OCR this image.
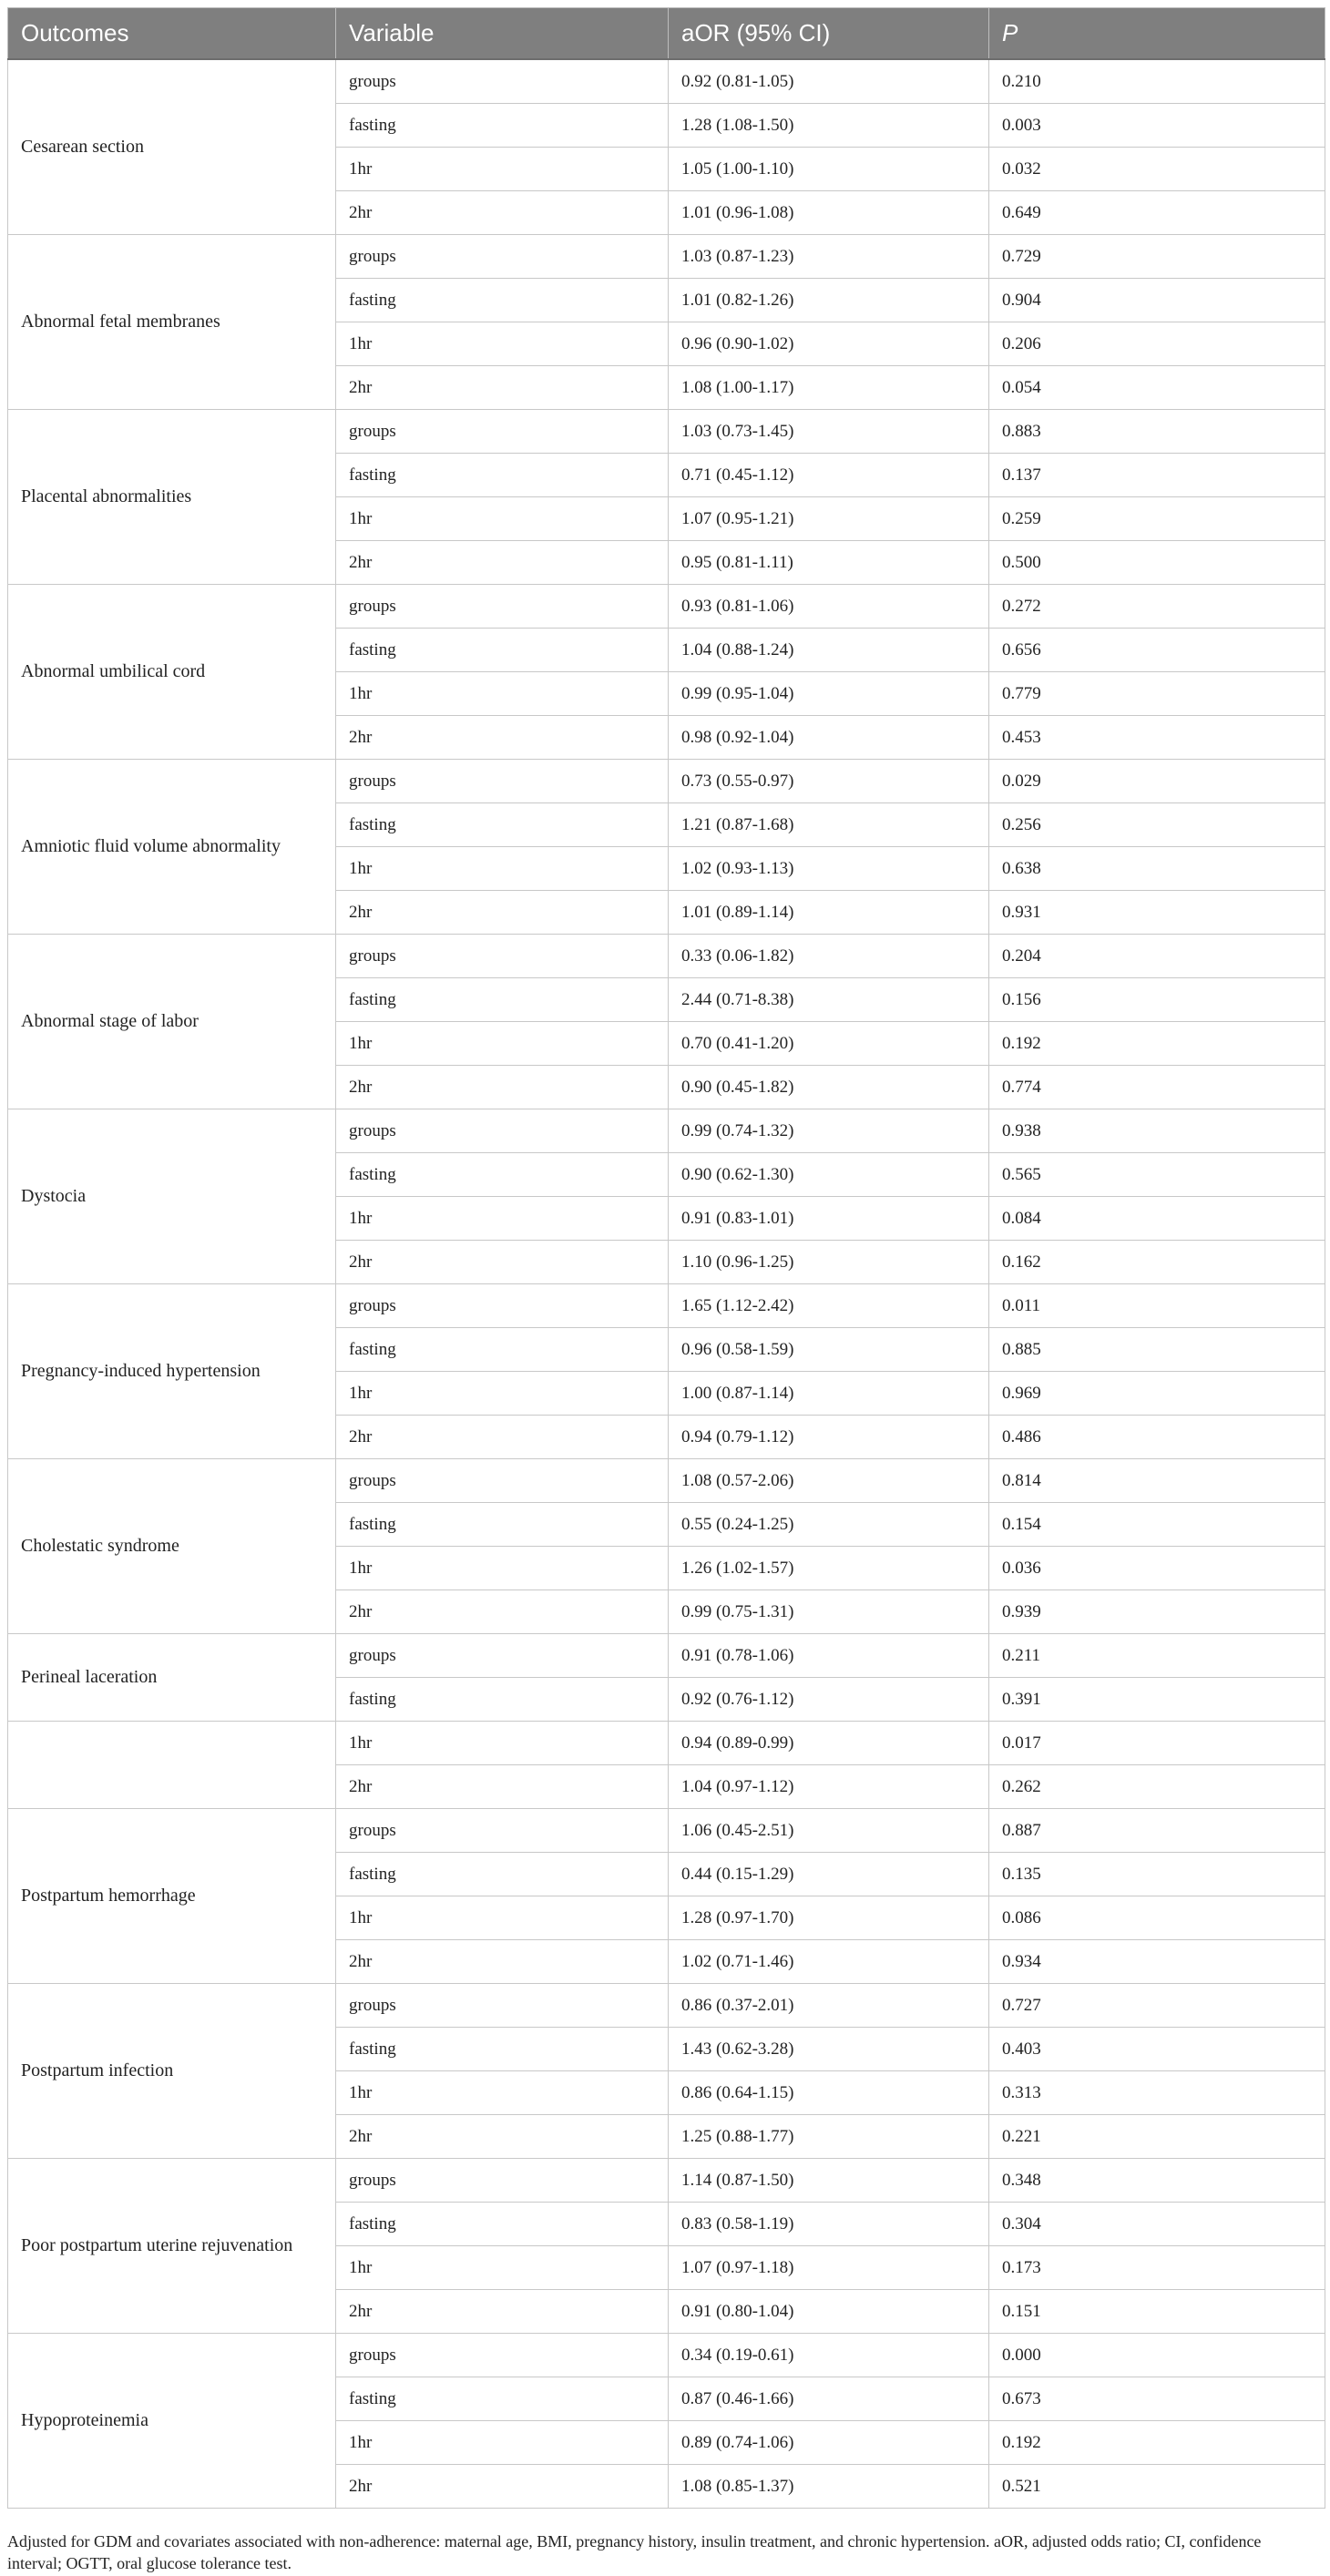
Outcomes	Variable	aOR (95% CI)	P
Cesarean section	groups	0.92 (0.81-1.05)	0.210
	fasting	1.28 (1.08-1.50)	0.003
	1hr	1.05 (1.00-1.10)	0.032
	2hr	1.01 (0.96-1.08)	0.649
Abnormal fetal membranes	groups	1.03 (0.87-1.23)	0.729
	fasting	1.01 (0.82-1.26)	0.904
	1hr	0.96 (0.90-1.02)	0.206
	2hr	1.08 (1.00-1.17)	0.054
Placental abnormalities	groups	1.03 (0.73-1.45)	0.883
	fasting	0.71 (0.45-1.12)	0.137
	1hr	1.07 (0.95-1.21)	0.259
	2hr	0.95 (0.81-1.11)	0.500
Abnormal umbilical cord	groups	0.93 (0.81-1.06)	0.272
	fasting	1.04 (0.88-1.24)	0.656
	1hr	0.99 (0.95-1.04)	0.779
	2hr	0.98 (0.92-1.04)	0.453
Amniotic fluid volume abnormality	groups	0.73 (0.55-0.97)	0.029
	fasting	1.21 (0.87-1.68)	0.256
	1hr	1.02 (0.93-1.13)	0.638
	2hr	1.01 (0.89-1.14)	0.931
Abnormal stage of labor	groups	0.33 (0.06-1.82)	0.204
	fasting	2.44 (0.71-8.38)	0.156
	1hr	0.70 (0.41-1.20)	0.192
	2hr	0.90 (0.45-1.82)	0.774
Dystocia	groups	0.99 (0.74-1.32)	0.938
	fasting	0.90 (0.62-1.30)	0.565
	1hr	0.91 (0.83-1.01)	0.084
	2hr	1.10 (0.96-1.25)	0.162
Pregnancy-induced hypertension	groups	1.65 (1.12-2.42)	0.011
	fasting	0.96 (0.58-1.59)	0.885
	1hr	1.00 (0.87-1.14)	0.969
	2hr	0.94 (0.79-1.12)	0.486
Cholestatic syndrome	groups	1.08 (0.57-2.06)	0.814
	fasting	0.55 (0.24-1.25)	0.154
	1hr	1.26 (1.02-1.57)	0.036
	2hr	0.99 (0.75-1.31)	0.939
Perineal laceration	groups	0.91 (0.78-1.06)	0.211
	fasting	0.92 (0.76-1.12)	0.391
	1hr	0.94 (0.89-0.99)	0.017
	2hr	1.04 (0.97-1.12)	0.262
Postpartum hemorrhage	groups	1.06 (0.45-2.51)	0.887
	fasting	0.44 (0.15-1.29)	0.135
	1hr	1.28 (0.97-1.70)	0.086
	2hr	1.02 (0.71-1.46)	0.934
Postpartum infection	groups	0.86 (0.37-2.01)	0.727
	fasting	1.43 (0.62-3.28)	0.403
	1hr	0.86 (0.64-1.15)	0.313
	2hr	1.25 (0.88-1.77)	0.221
Poor postpartum uterine rejuvenation	groups	1.14 (0.87-1.50)	0.348
	fasting	0.83 (0.58-1.19)	0.304
	1hr	1.07 (0.97-1.18)	0.173
	2hr	0.91 (0.80-1.04)	0.151
Hypoproteinemia	groups	0.34 (0.19-0.61)	0.000
	fasting	0.87 (0.46-1.66)	0.673
	1hr	0.89 (0.74-1.06)	0.192
	2hr	1.08 (0.85-1.37)	0.521
Adjusted for GDM and covariates associated with non-adherence: maternal age, BMI, pregnancy history, insulin treatment, and chronic hypertension. aOR, adjusted odds ratio; CI, confidence interval; OGTT, oral glucose tolerance test.
